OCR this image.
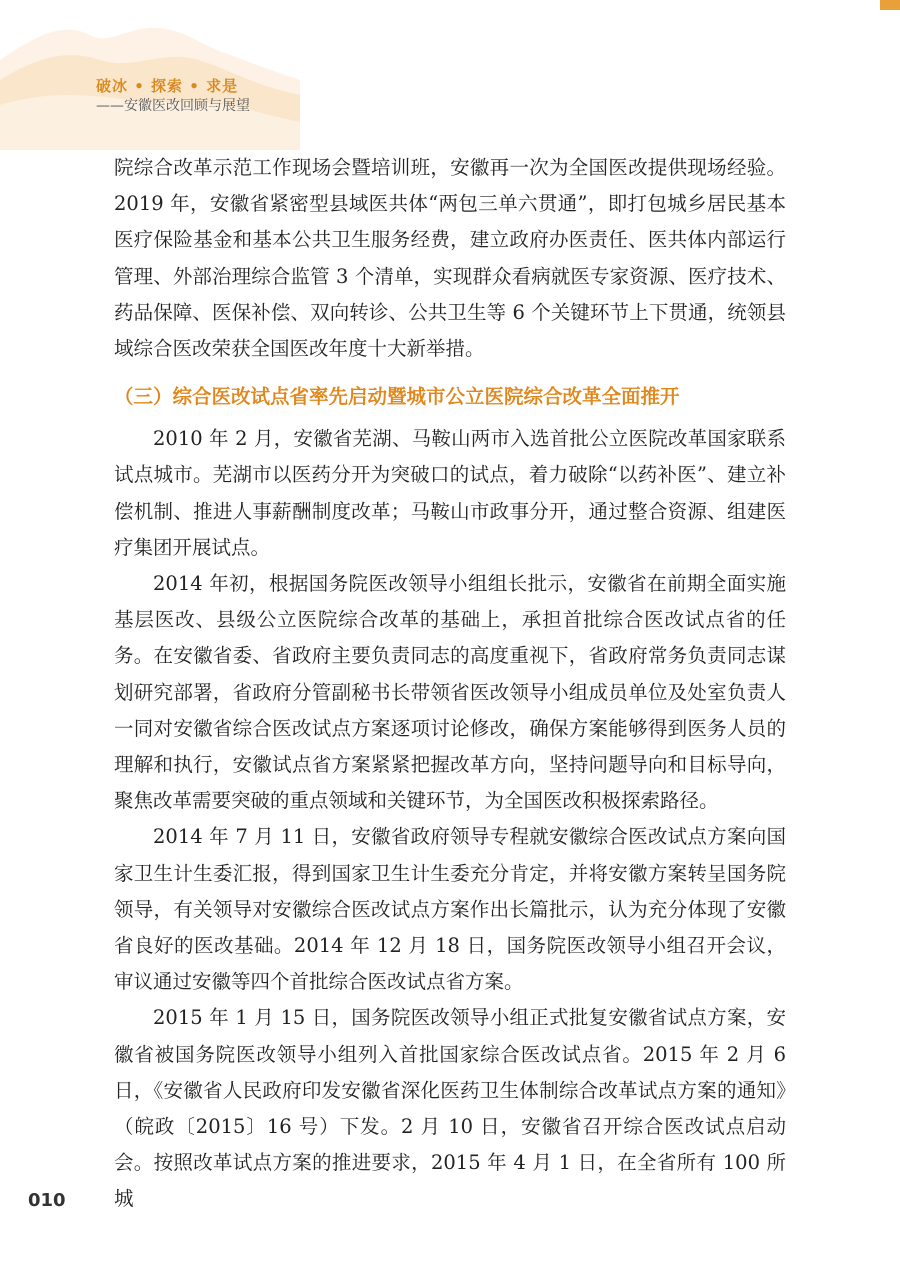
破冰 • 探索 • 求是
——安徽医改回顾与展望

院综合改革示范工作现场会暨培训班，安徽再一次为全国医改提供现场经验。2019 年，安徽省紧密型县域医共体“两包三单六贯通”，即打包城乡居民基本医疗保险基金和基本公共卫生服务经费，建立政府办医责任、医共体内部运行管理、外部治理综合监管 3 个清单，实现群众看病就医专家资源、医疗技术、药品保障、医保补偿、双向转诊、公共卫生等 6 个关键环节上下贯通，统领县域综合医改荣获全国医改年度十大新举措。

（三）综合医改试点省率先启动暨城市公立医院综合改革全面推开

2010 年 2 月，安徽省芜湖、马鞍山两市入选首批公立医院改革国家联系试点城市。芜湖市以医药分开为突破口的试点，着力破除“以药补医”、建立补偿机制、推进人事薪酬制度改革；马鞍山市政事分开，通过整合资源、组建医疗集团开展试点。

2014 年初，根据国务院医改领导小组组长批示，安徽省在前期全面实施基层医改、县级公立医院综合改革的基础上，承担首批综合医改试点省的任务。在安徽省委、省政府主要负责同志的高度重视下，省政府常务负责同志谋划研究部署，省政府分管副秘书长带领省医改领导小组成员单位及处室负责人一同对安徽省综合医改试点方案逐项讨论修改，确保方案能够得到医务人员的理解和执行，安徽试点省方案紧紧把握改革方向，坚持问题导向和目标导向，聚焦改革需要突破的重点领域和关键环节，为全国医改积极探索路径。

2014 年 7 月 11 日，安徽省政府领导专程就安徽综合医改试点方案向国家卫生计生委汇报，得到国家卫生计生委充分肯定，并将安徽方案转呈国务院领导，有关领导对安徽综合医改试点方案作出长篇批示，认为充分体现了安徽省良好的医改基础。2014 年 12 月 18 日，国务院医改领导小组召开会议，审议通过安徽等四个首批综合医改试点省方案。

2015 年 1 月 15 日，国务院医改领导小组正式批复安徽省试点方案，安徽省被国务院医改领导小组列入首批国家综合医改试点省。2015 年 2 月 6 日，《安徽省人民政府印发安徽省深化医药卫生体制综合改革试点方案的通知》（皖政〔2015〕16 号）下发。2 月 10 日，安徽省召开综合医改试点启动会。按照改革试点方案的推进要求，2015 年 4 月 1 日，在全省所有 100 所城

010
